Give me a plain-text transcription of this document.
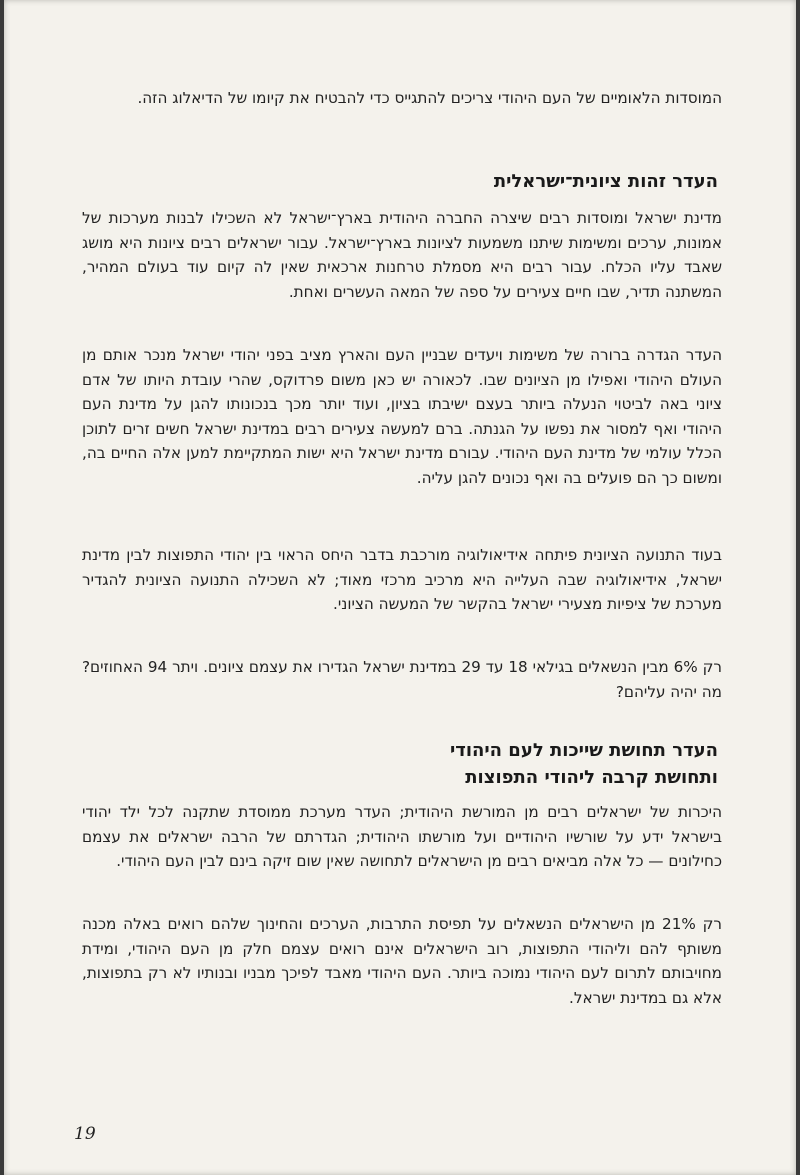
המוסדות הלאומיים של העם היהודי צריכים להתגייס כדי להבטיח את קיומו של הדיאלוג הזה.

העדר זהות ציונית־ישראלית

מדינת ישראל ומוסדות רבים שיצרה החברה היהודית בארץ־ישראל לא השכילו לבנות מערכות של אמונות, ערכים ומשימות שיתנו משמעות לציונות בארץ־ישראל. עבור ישראלים רבים ציונות היא מושג שאבד עליו הכלח. עבור רבים היא מסמלת טרחנות ארכאית שאין לה קיום עוד בעולם המהיר, המשתנה תדיר, שבו חיים צעירים על ספה של המאה העשרים ואחת.

העדר הגדרה ברורה של משימות ויעדים שבניין העם והארץ מציב בפני יהודי ישראל מנכר אותם מן העולם היהודי ואפילו מן הציונים שבו. לכאורה יש כאן משום פרדוקס, שהרי עובדת היותו של אדם ציוני באה לביטוי הנעלה ביותר בעצם ישיבתו בציון, ועוד יותר מכך בנכונותו להגן על מדינת העם היהודי ואף למסור את נפשו על הגנתה. ברם למעשה צעירים רבים במדינת ישראל חשים זרים לתוכן הכלל עולמי של מדינת העם היהודי. עבורם מדינת ישראל היא ישות המתקיימת למען אלה החיים בה, ומשום כך הם פועלים בה ואף נכונים להגן עליה.

בעוד התנועה הציונית פיתחה אידיאולוגיה מורכבת בדבר היחס הראוי בין יהודי התפוצות לבין מדינת ישראל, אידיאולוגיה שבה העלייה היא מרכיב מרכזי מאוד; לא השכילה התנועה הציונית להגדיר מערכת של ציפיות מצעירי ישראל בהקשר של המעשה הציוני.

רק 6% מבין הנשאלים בגילאי 18 עד 29 במדינת ישראל הגדירו את עצמם ציונים. ויתר 94 האחוזים? מה יהיה עליהם?

העדר תחושת שייכות לעם היהודי
ותחושת קרבה ליהודי התפוצות

היכרות של ישראלים רבים מן המורשת היהודית; העדר מערכת ממוסדת שתקנה לכל ילד יהודי בישראל ידע על שורשיו היהודיים ועל מורשתו היהודית; הגדרתם של הרבה ישראלים את עצמם כחילונים — כל אלה מביאים רבים מן הישראלים לתחושה שאין שום זיקה בינם לבין העם היהודי.

רק 21% מן הישראלים הנשאלים על תפיסת התרבות, הערכים והחינוך שלהם רואים באלה מכנה משותף להם וליהודי התפוצות, רוב הישראלים אינם רואים עצמם חלק מן העם היהודי, ומידת מחויבותם לתרום לעם היהודי נמוכה ביותר. העם היהודי מאבד לפיכך מבניו ובנותיו לא רק בתפוצות, אלא גם במדינת ישראל.

19
